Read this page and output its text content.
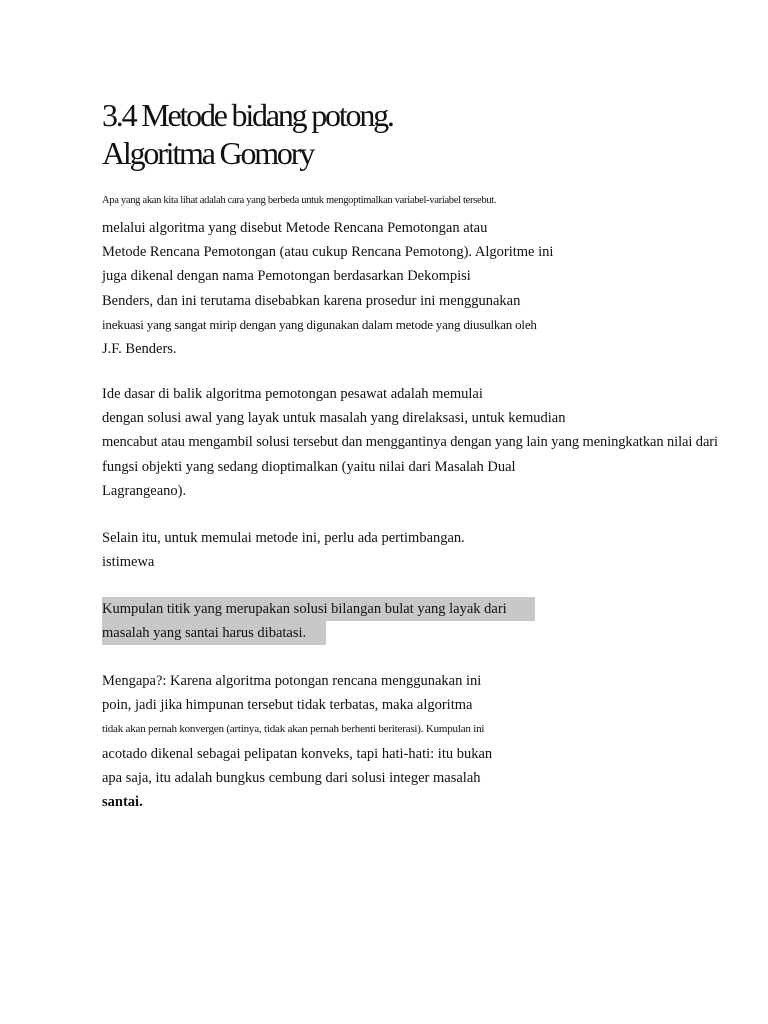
3.4 Metode bidang potong.
Algoritma Gomory
Apa yang akan kita lihat adalah cara yang berbeda untuk mengoptimalkan variabel-variabel tersebut.
melalui algoritma yang disebut Metode Rencana Pemotongan atau
Metode Rencana Pemotongan (atau cukup Rencana Pemotong). Algoritme ini
juga dikenal dengan nama Pemotongan berdasarkan Dekompisi
Benders, dan ini terutama disebabkan karena prosedur ini menggunakan
inekuasi yang sangat mirip dengan yang digunakan dalam metode yang diusulkan oleh
J.F. Benders.
Ide dasar di balik algoritma pemotongan pesawat adalah memulai
dengan solusi awal yang layak untuk masalah yang direlaksasi, untuk kemudian
mencabut atau mengambil solusi tersebut dan menggantinya dengan yang lain yang meningkatkan nilai dari
fungsi objekti yang sedang dioptimalkan (yaitu nilai dari Masalah Dual
Lagrangeano).
Selain itu, untuk memulai metode ini, perlu ada pertimbangan.
istimewa
Kumpulan titik yang merupakan solusi bilangan bulat yang layak dari
masalah yang santai harus dibatasi.
Mengapa?: Karena algoritma potongan rencana menggunakan ini
poin, jadi jika himpunan tersebut tidak terbatas, maka algoritma
tidak akan pernah konvergen (artinya, tidak akan pernah berhenti beriterasi). Kumpulan ini
acotado dikenal sebagai pelipatan konveks, tapi hati-hati: itu bukan
apa saja, itu adalah bungkus cembung dari solusi integer masalah
santai.
